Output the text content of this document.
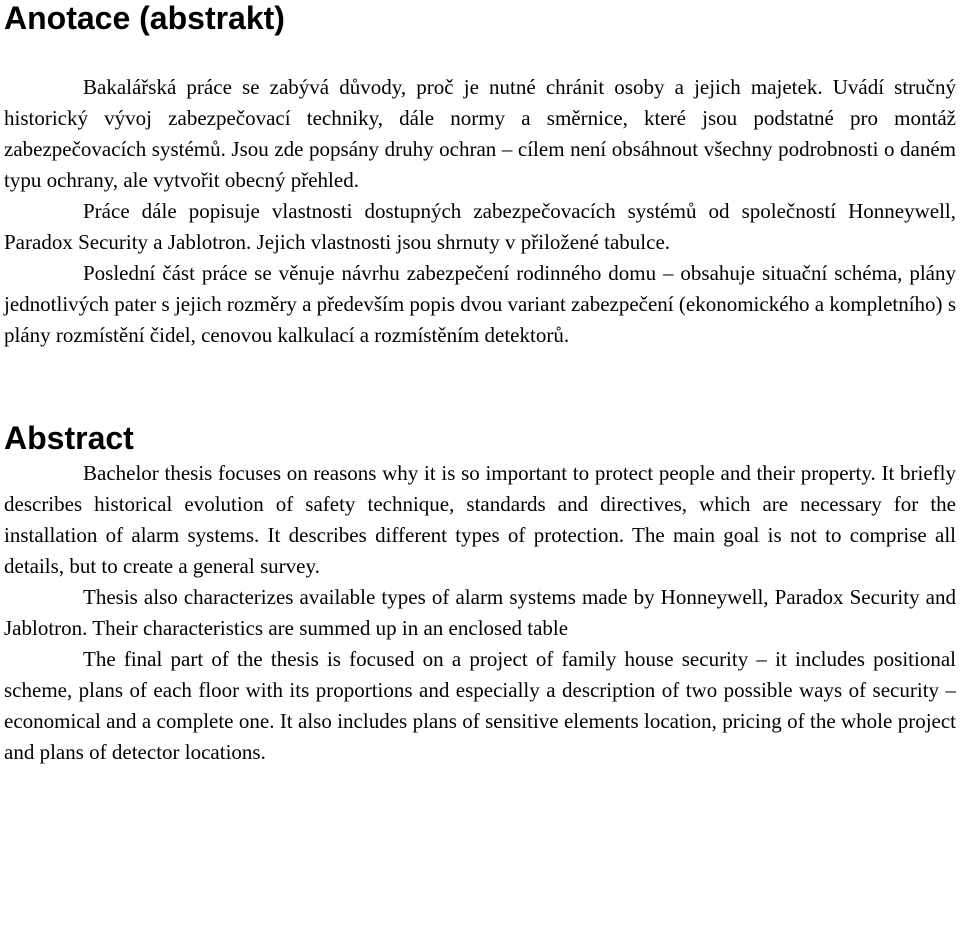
Anotace (abstrakt)

Bakalářská práce se zabývá důvody, proč je nutné chránit osoby a jejich majetek. Uvádí stručný historický vývoj zabezpečovací techniky, dále normy a směrnice, které jsou podstatné pro montáž zabezpečovacích systémů. Jsou zde popsány druhy ochran – cílem není obsáhnout všechny podrobnosti o daném typu ochrany, ale vytvořit obecný přehled.

Práce dále popisuje vlastnosti dostupných zabezpečovacích systémů od společností Honneywell, Paradox Security a Jablotron. Jejich vlastnosti jsou shrnuty v přiložené tabulce.

Poslední část práce se věnuje návrhu zabezpečení rodinného domu – obsahuje situační schéma, plány jednotlivých pater s jejich rozměry a především popis dvou variant zabezpečení (ekonomického a kompletního) s plány rozmístění čidel, cenovou kalkulací a rozmístěním detektorů.

Abstract

Bachelor thesis focuses on reasons why it is so important to protect people and their property. It briefly describes historical evolution of safety technique, standards and directives, which are necessary for the installation of alarm systems. It describes different types of protection. The main goal is not to comprise all details, but to create a general survey.

Thesis also characterizes available types of alarm systems made by Honneywell, Paradox Security and Jablotron. Their characteristics are summed up in an enclosed table

The final part of the thesis is focused on a project of family house security – it includes positional scheme, plans of each floor with its proportions and especially a description of two possible ways of security – economical and a complete one. It also includes plans of sensitive elements location, pricing of the whole project and plans of detector locations.
